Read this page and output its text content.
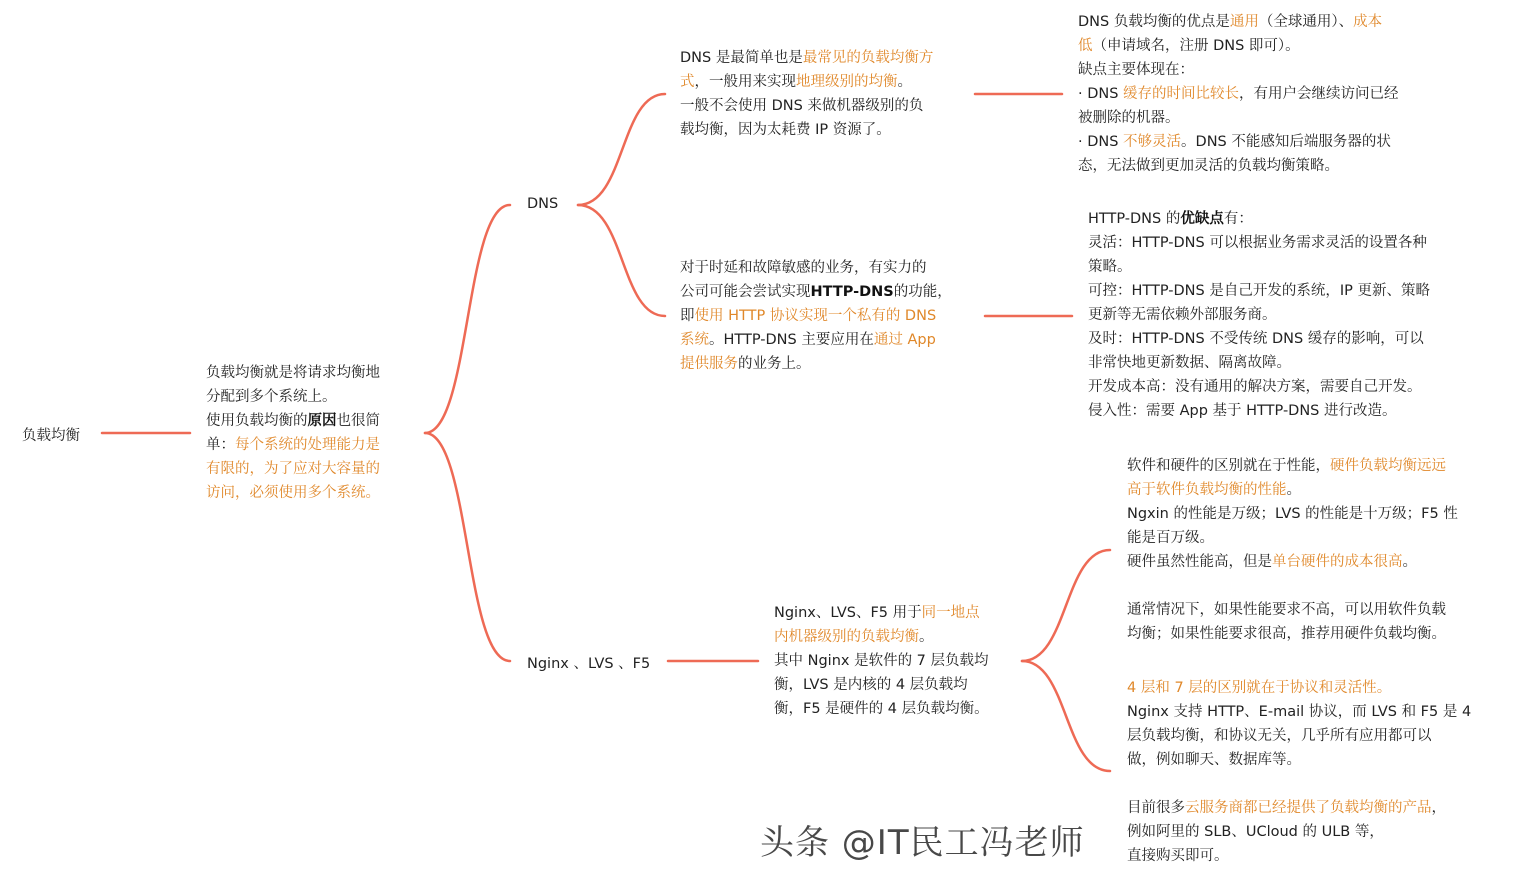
负载均衡
DNS
Nginx 、LVS 、F5
负载均衡就是将请求均衡地
分配到多个系统上。
使用负载均衡的原因也很简
单：每个系统的处理能力是
有限的，为了应对大容量的
访问，必须使用多个系统。
DNS 是最简单也是最常见的负载均衡方
式，一般用来实现地理级别的均衡。
一般不会使用 DNS 来做机器级别的负
载均衡，因为太耗费 IP 资源了。
DNS 负载均衡的优点是通用（全球通用）、成本
低（申请域名，注册 DNS 即可）。
缺点主要体现在：
· DNS 缓存的时间比较长，有用户会继续访问已经
被删除的机器。
· DNS 不够灵活。DNS 不能感知后端服务器的状
态，无法做到更加灵活的负载均衡策略。
对于时延和故障敏感的业务，有实力的
公司可能会尝试实现HTTP-DNS的功能，
即使用 HTTP 协议实现一个私有的 DNS
系统。HTTP-DNS 主要应用在通过 App
提供服务的业务上。
HTTP-DNS 的优缺点有：
灵活：HTTP-DNS 可以根据业务需求灵活的设置各种
策略。
可控：HTTP-DNS 是自己开发的系统，IP 更新、策略
更新等无需依赖外部服务商。
及时：HTTP-DNS 不受传统 DNS 缓存的影响，可以
非常快地更新数据、隔离故障。
开发成本高：没有通用的解决方案，需要自己开发。
侵入性：需要 App 基于 HTTP-DNS 进行改造。
Nginx、LVS、F5 用于同一地点
内机器级别的负载均衡。
其中 Nginx 是软件的 7 层负载均
衡，LVS 是内核的 4 层负载均
衡，F5 是硬件的 4 层负载均衡。
软件和硬件的区别就在于性能，硬件负载均衡远远
高于软件负载均衡的性能。
Ngxin 的性能是万级；LVS 的性能是十万级；F5 性
能是百万级。
硬件虽然性能高，但是单台硬件的成本很高。
通常情况下，如果性能要求不高，可以用软件负载
均衡；如果性能要求很高，推荐用硬件负载均衡。
4 层和 7 层的区别就在于协议和灵活性。
Nginx 支持 HTTP、E-mail 协议，而 LVS 和 F5 是 4
层负载均衡，和协议无关，几乎所有应用都可以
做，例如聊天、数据库等。
目前很多云服务商都已经提供了负载均衡的产品，
例如阿里的 SLB、UCloud 的 ULB 等，
直接购买即可。
头条 @IT民工冯老师
